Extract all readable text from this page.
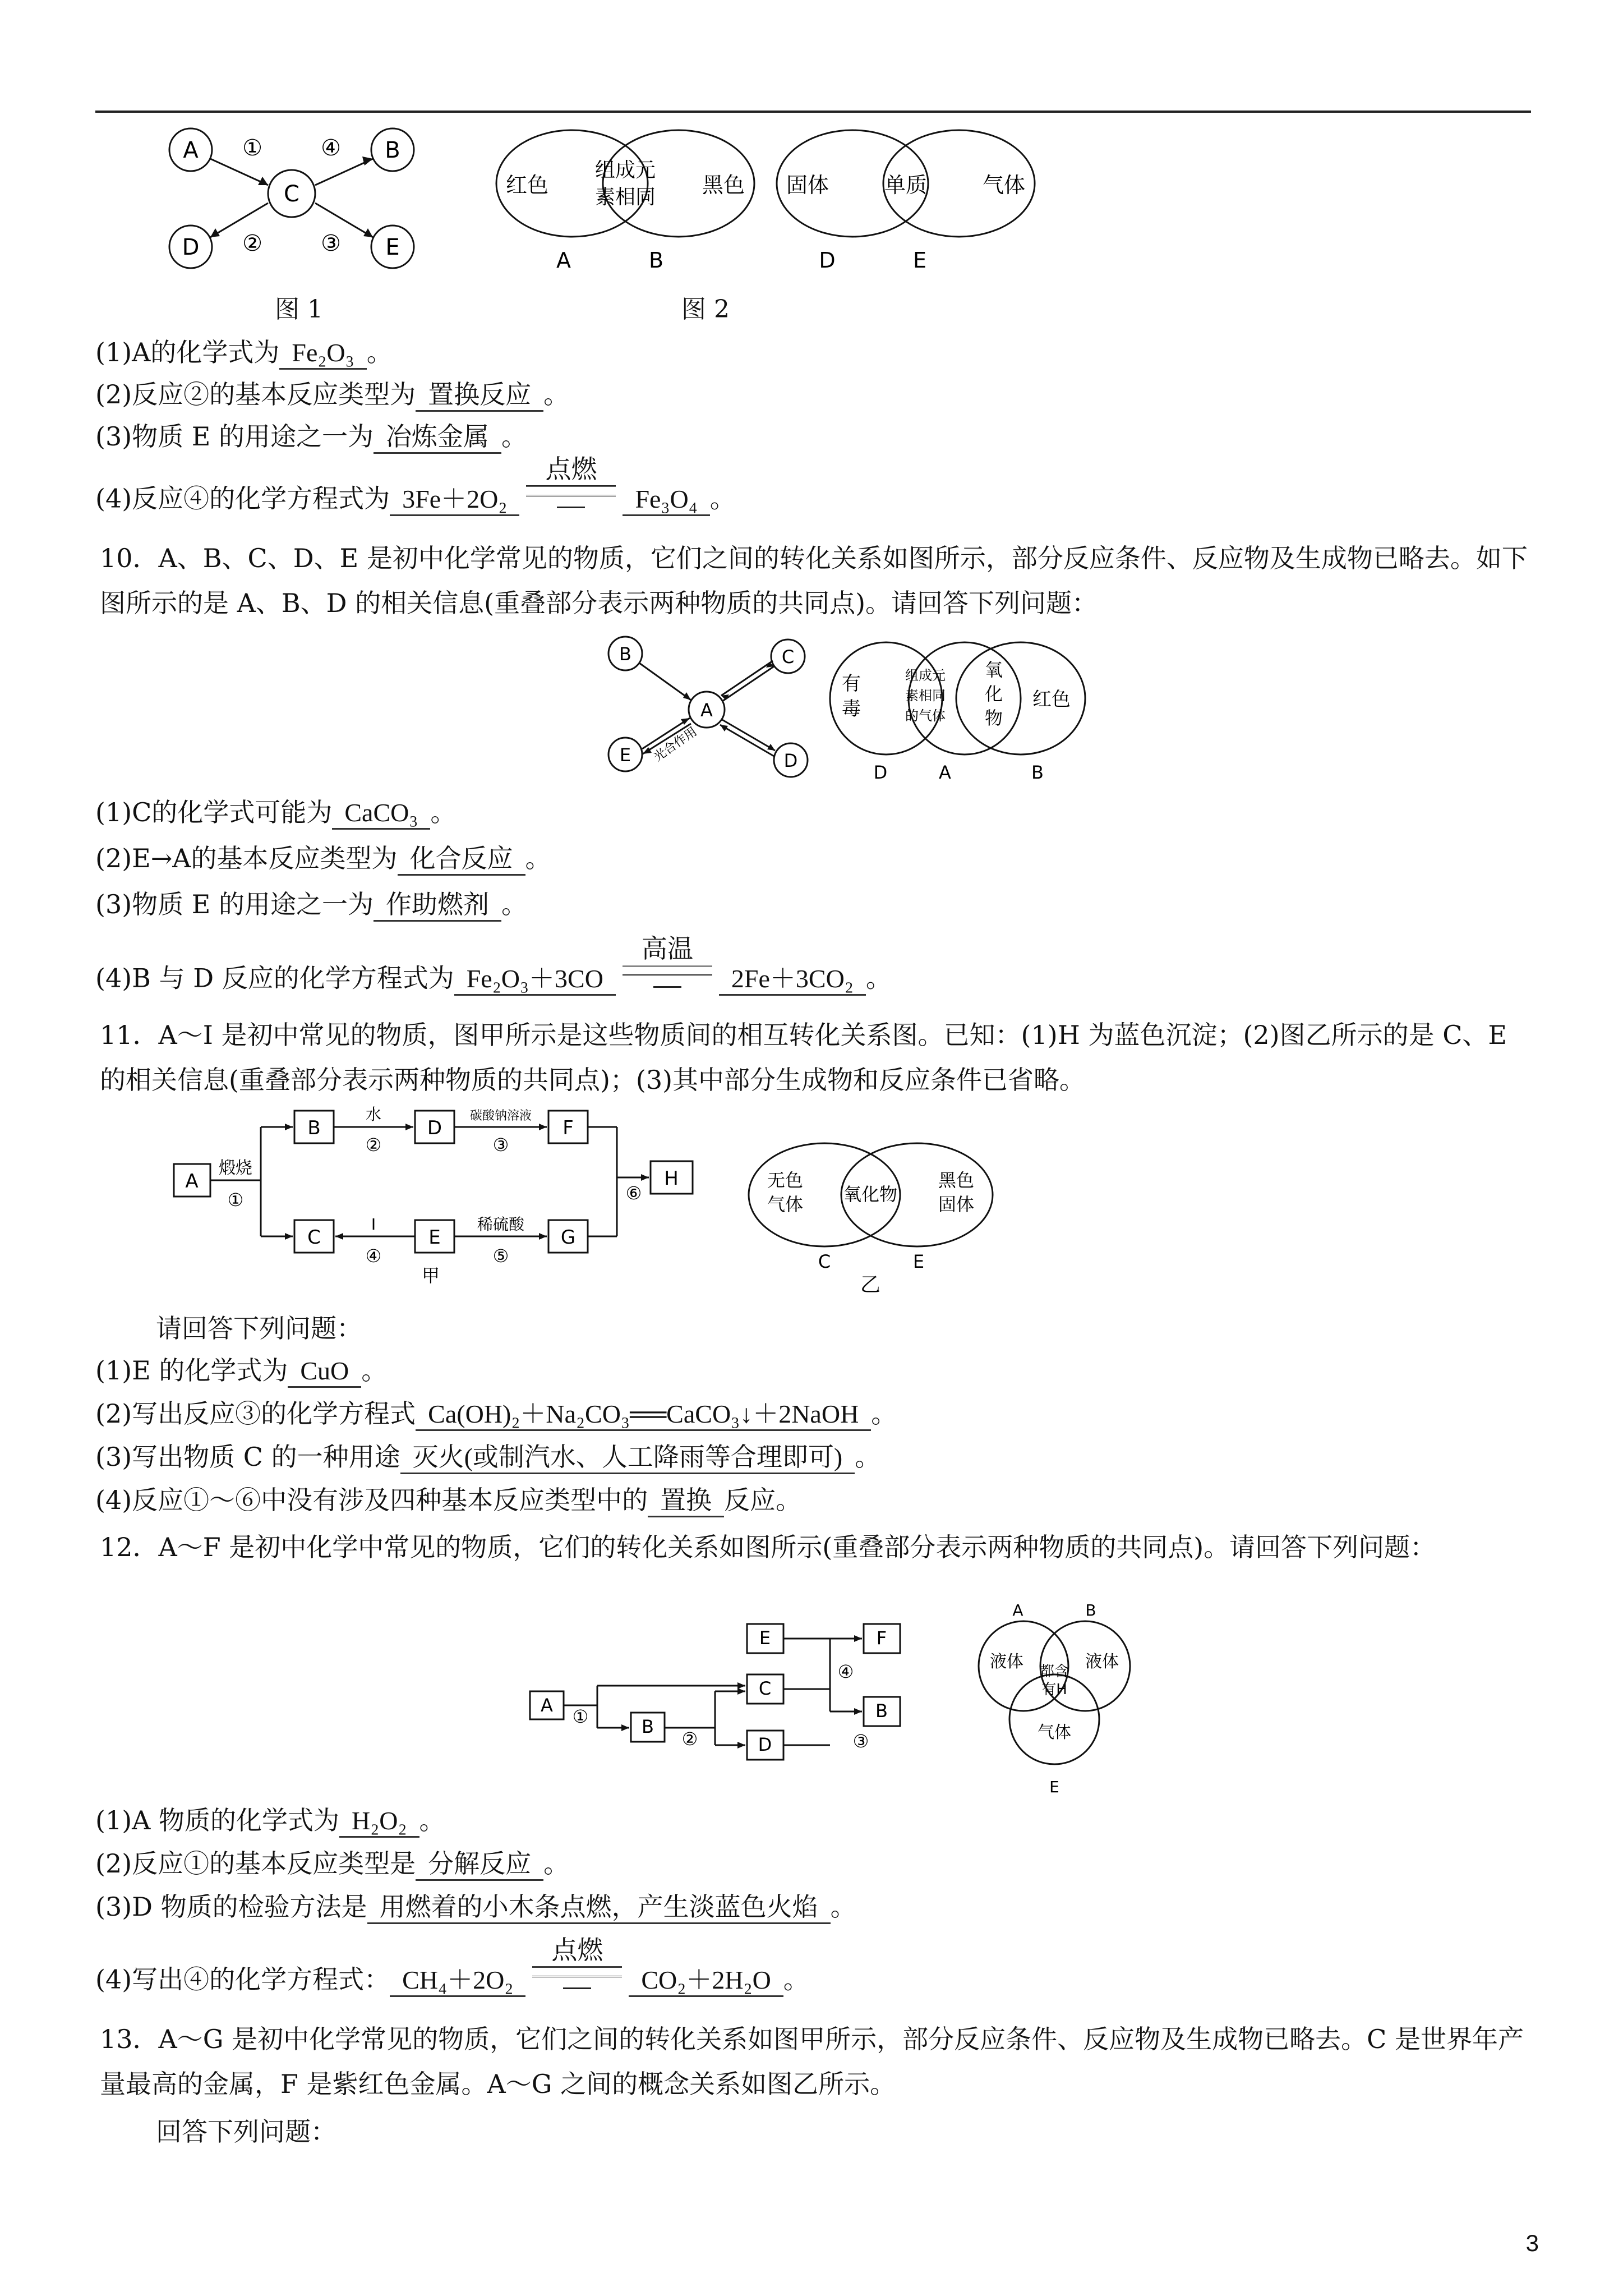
A	B
C
D	E
①	④
②	③
图 1
红色
组成元
素相同 黑色
A	B
固体	单质	气体
D	E
图 2
(1)A的化学式为 Fe₂O₃ 。
(2)反应②的基本反应类型为 置换反应 。
(3)物质 E 的用途之一为 冶炼金属 。
(4)反应④的化学方程式为 3Fe＋2O₂
点燃
Fe₃O₄ 。
10．A、B、C、D、E 是初中化学常见的物质，它们之间的转化关系如图所示，部分反应条件、反应物及生成物已略去。如下图所示的是 A、B、D 的相关信息(重叠部分表示两种物质的共同点)。请回答下列问题：
B	C
A
E	D
光合作用
有
毒
组成元
素相同
的气体
氧
化
物
红色
D	A	B
(1)C的化学式可能为 CaCO₃ 。
(2)E→A的基本反应类型为 化合反应 。
(3)物质 E 的用途之一为 作助燃剂 。
(4)B 与 D 反应的化学方程式为 Fe₂O₃＋3CO
高温
2Fe＋3CO₂ 。
11．A～I 是初中常见的物质，图甲所示是这些物质间的相互转化关系图。已知：(1)H 为蓝色沉淀；(2)图乙所示的是 C、E 的相关信息(重叠部分表示两种物质的共同点)；(3)其中部分生成物和反应条件已省略。
A
B	D	F
H
C	E	G
煅烧
①
水
②
碳酸钠溶液
③
⑥
I
④
稀硫酸
⑤
甲
无色
气体 氧化物
黑色
固体
C	E
乙
请回答下列问题：
(1)E 的化学式为 CuO 。
(2)写出反应③的化学方程式 Ca(OH)₂＋Na₂CO₃══CaCO₃↓＋2NaOH 。
(3)写出物质 C 的一种用途 灭火(或制汽水、人工降雨等合理即可) 。
(4)反应①～⑥中没有涉及四种基本反应类型中的 置换 反应。
12．A～F 是初中化学中常见的物质，它们的转化关系如图所示(重叠部分表示两种物质的共同点)。请回答下列问题：
E	F
C
A	B
B
D
①
②	③
④
A	B
液体	液体
都含
有H
气体
E
(1)A 物质的化学式为 H₂O₂ 。
(2)反应①的基本反应类型是 分解反应 。
(3)D 物质的检验方法是 用燃着的小木条点燃，产生淡蓝色火焰 。
(4)写出④的化学方程式： CH₄＋2O₂
点燃
CO₂＋2H₂O 。
13．A～G 是初中化学常见的物质，它们之间的转化关系如图甲所示，部分反应条件、反应物及生成物已略去。C 是世界年产量最高的金属，F 是紫红色金属。A～G 之间的概念关系如图乙所示。
回答下列问题：
3
